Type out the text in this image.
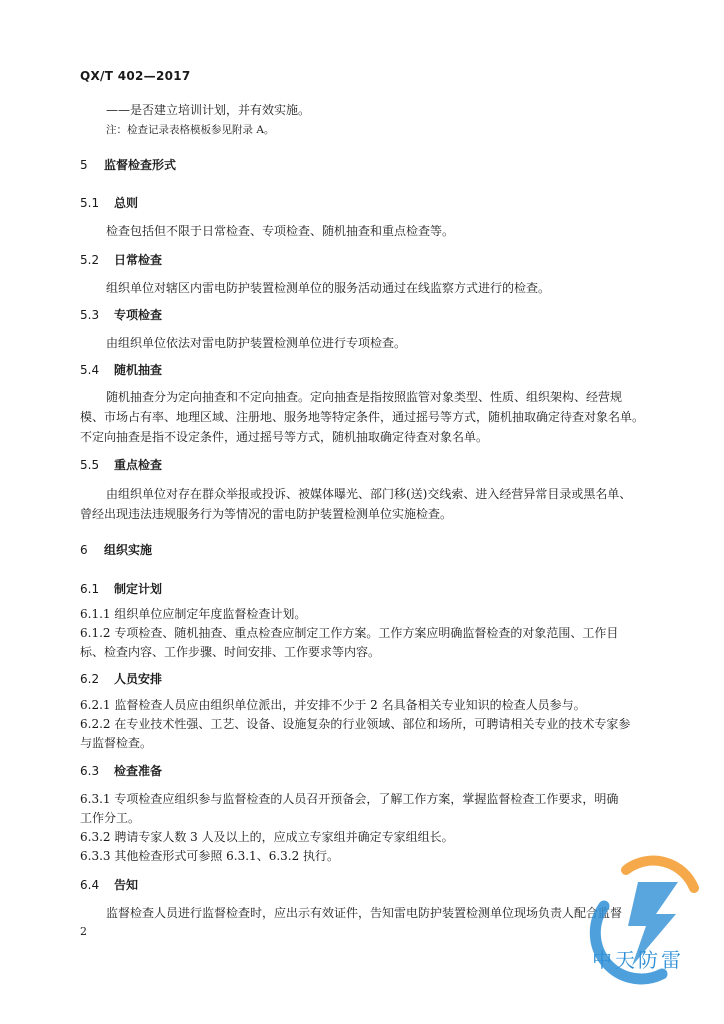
QX/T 402—2017
——是否建立培训计划，并有效实施。
注：检查记录表格模板参见附录 A。
5 监督检查形式
5.1 总则
检查包括但不限于日常检查、专项检查、随机抽查和重点检查等。
5.2 日常检查
组织单位对辖区内雷电防护装置检测单位的服务活动通过在线监察方式进行的检查。
5.3 专项检查
由组织单位依法对雷电防护装置检测单位进行专项检查。
5.4 随机抽查
随机抽查分为定向抽查和不定向抽查。定向抽查是指按照监管对象类型、性质、组织架构、经营规
模、市场占有率、地理区域、注册地、服务地等特定条件，通过摇号等方式，随机抽取确定待查对象名单。
不定向抽查是指不设定条件，通过摇号等方式，随机抽取确定待查对象名单。
5.5 重点检查
由组织单位对存在群众举报或投诉、被媒体曝光、部门移(送)交线索、进入经营异常目录或黑名单、
曾经出现违法违规服务行为等情况的雷电防护装置检测单位实施检查。
6 组织实施
6.1 制定计划
6.1.1 组织单位应制定年度监督检查计划。
6.1.2 专项检查、随机抽查、重点检查应制定工作方案。工作方案应明确监督检查的对象范围、工作目
标、检查内容、工作步骤、时间安排、工作要求等内容。
6.2 人员安排
6.2.1 监督检查人员应由组织单位派出，并安排不少于 2 名具备相关专业知识的检查人员参与。
6.2.2 在专业技术性强、工艺、设备、设施复杂的行业领域、部位和场所，可聘请相关专业的技术专家参
与监督检查。
6.3 检查准备
6.3.1 专项检查应组织参与监督检查的人员召开预备会，了解工作方案，掌握监督检查工作要求，明确
工作分工。
6.3.2 聘请专家人数 3 人及以上的，应成立专家组并确定专家组组长。
6.3.3 其他检查形式可参照 6.3.1、6.3.2 执行。
6.4 告知
监督检查人员进行监督检查时，应出示有效证件，告知雷电防护装置检测单位现场负责人配合监督
2
中天防雷
